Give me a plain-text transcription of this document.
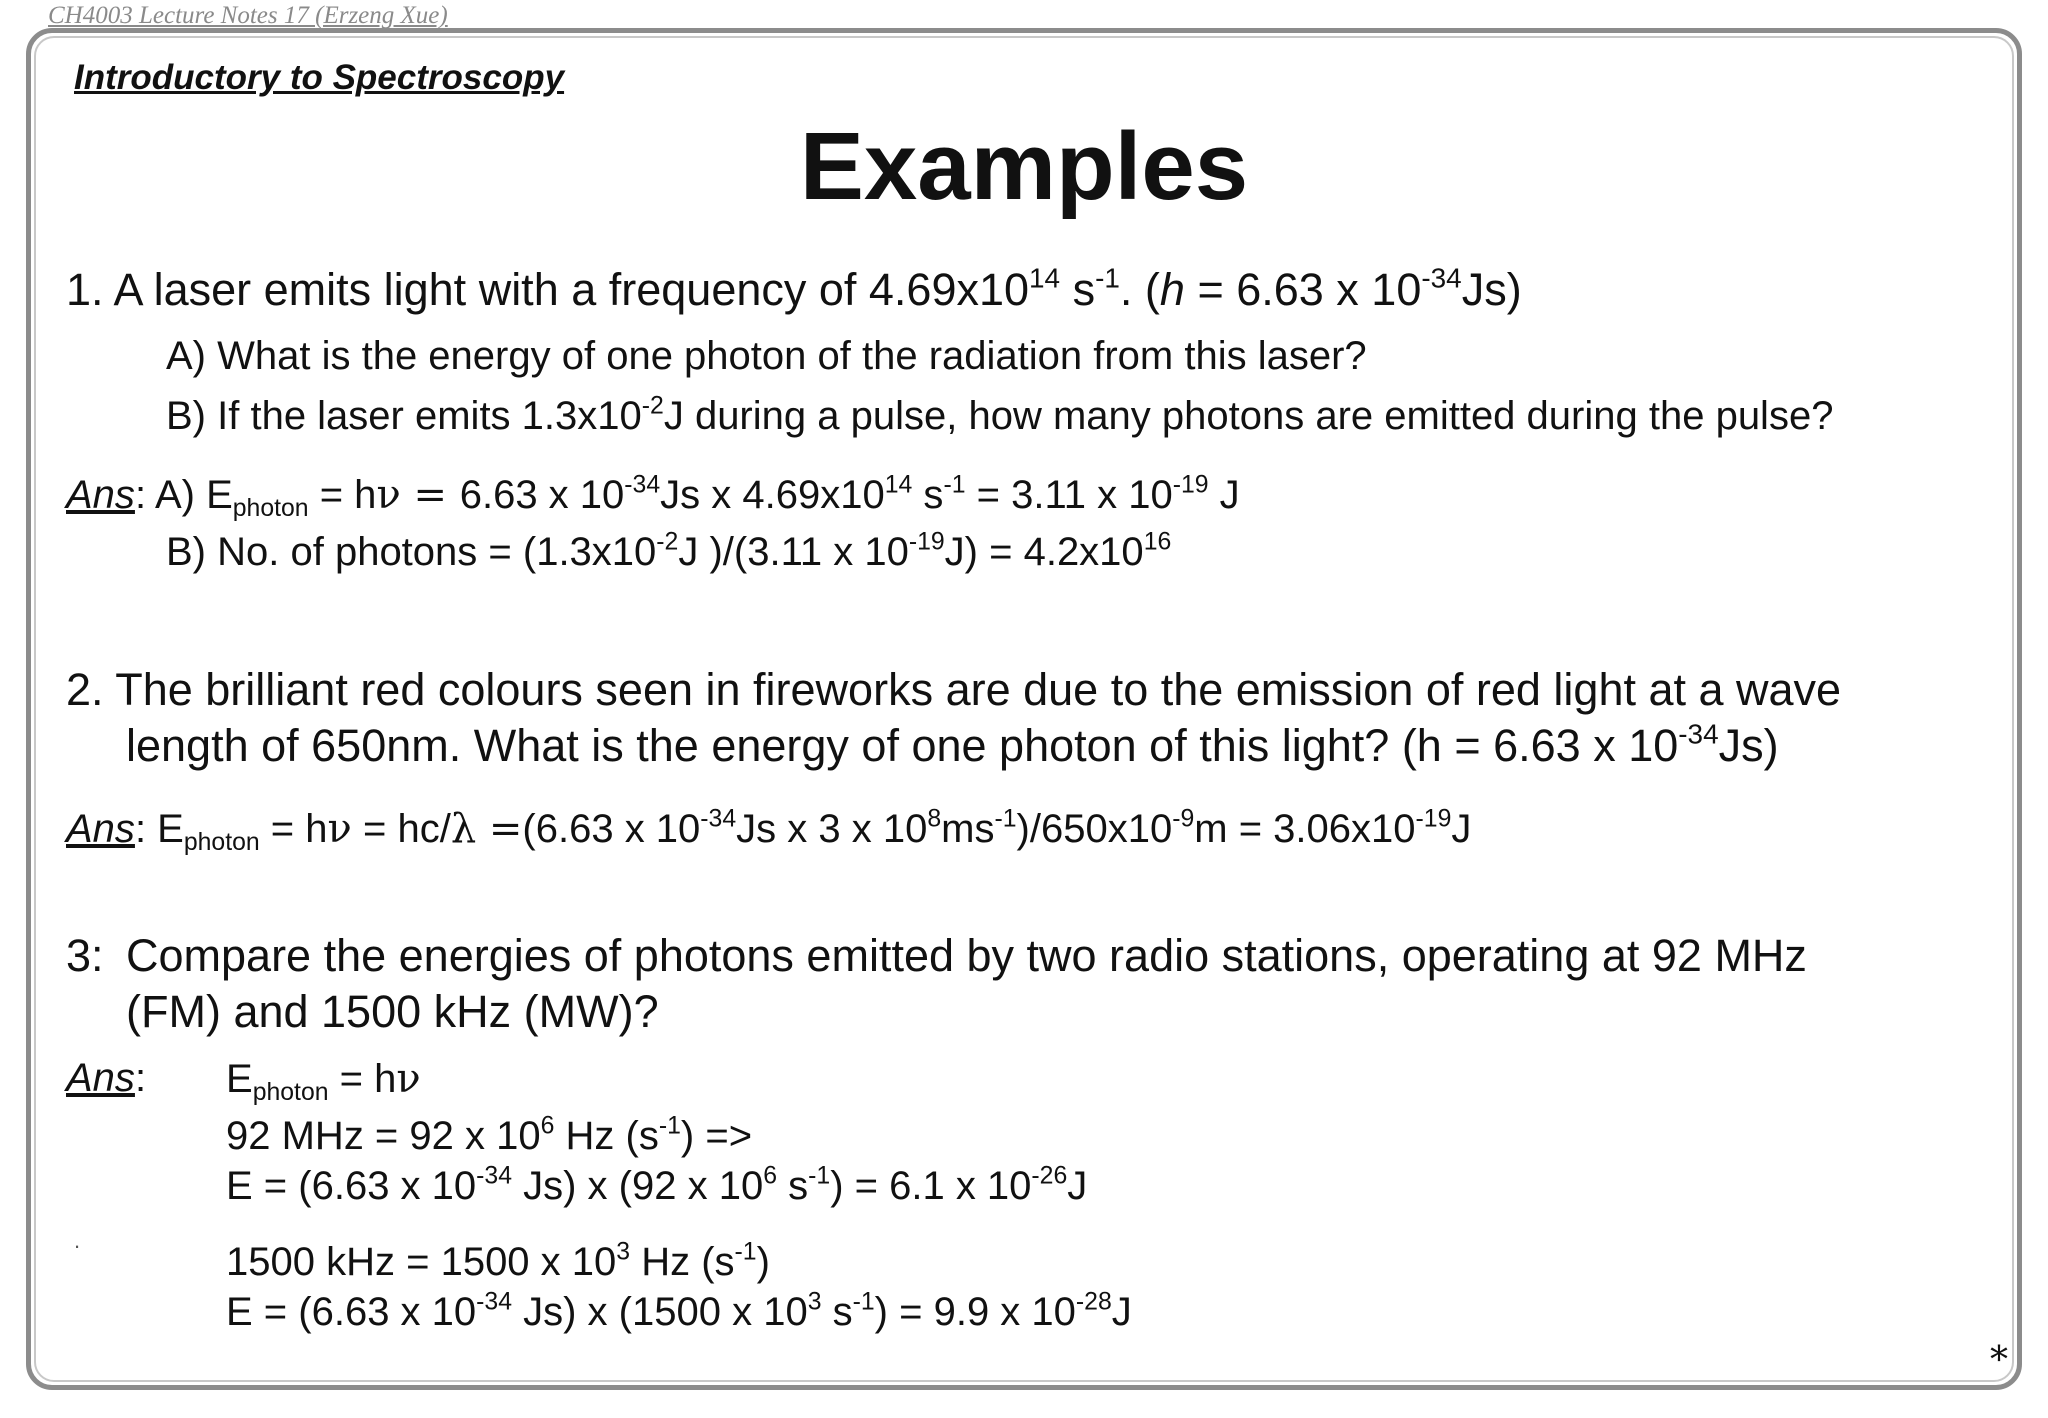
CH4003 Lecture Notes 17 (Erzeng Xue)
Introductory to Spectroscopy
Examples
1. A laser emits light with a frequency of $4.69x10^{14}$ $s^{-1}$. (h = 6.63 x $10^{-34}Js$)
A) What is the energy of one photon of the radiation from this laser?
B) If the laser emits $1.3x10^{-2}J$ during a pulse, how many photons are emitted during the pulse?
Ans: A) $E_{photon} = h\nu = 6.63$ x $10^{-34}Js$ x $4.69x10^{14}$ $s^{-1} = 3.11$ x $10^{-19}$ J
B) No. of photons = ($1.3x10^{-2}J$ )/(3.11 x $10^{-19}J) = 4.2x10^{16}$
2. The brilliant red colours seen in fireworks are due to the emission of red light at a wave
length of 650nm. What is the energy of one photon of this light? (h = 6.63 x $10^{-34}Js$)
Ans: $E_{photon} = h\nu = hc/\lambda =(6.63$ x $10^{-34}Js$ x 3 x $10^8ms^{-1})/650x10^{-9}m = 3.06x10^{-19}J$
3: Compare the energies of photons emitted by two radio stations, operating at 92 MHz
(FM) and 1500 kHz (MW)?
Ans: $E_{photon} = h\nu$
92 MHz = 92 x $10^6$ Hz $(s^{-1})$ =>
E = (6.63 x $10^{-34}$ Js) x (92 x $10^6$ $s^{-1}) = 6.1$ x $10^{-26}J$
.	1500 kHz = 1500 x $10^3$ Hz $(s^{-1})$
E = (6.63 x $10^{-34}$ Js) x (1500 x $10^3$ $s^{-1}) = 9.9$ x $10^{-28}J$
*
